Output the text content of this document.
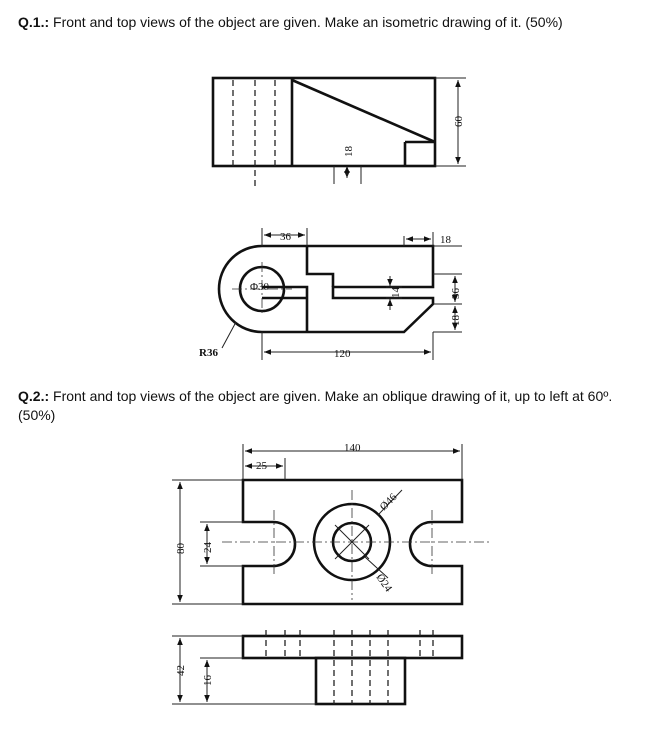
Q.1.: Front and top views of the object are given. Make an isometric drawing of it. (50%)

Q.2.: Front and top views of the object are given. Make an oblique drawing of it, up to left at 60º. (50%)

18
60
36	18
Φ30	14	36
18
R36	120
140
25
Ø46
Ø24
80 24
42
16
